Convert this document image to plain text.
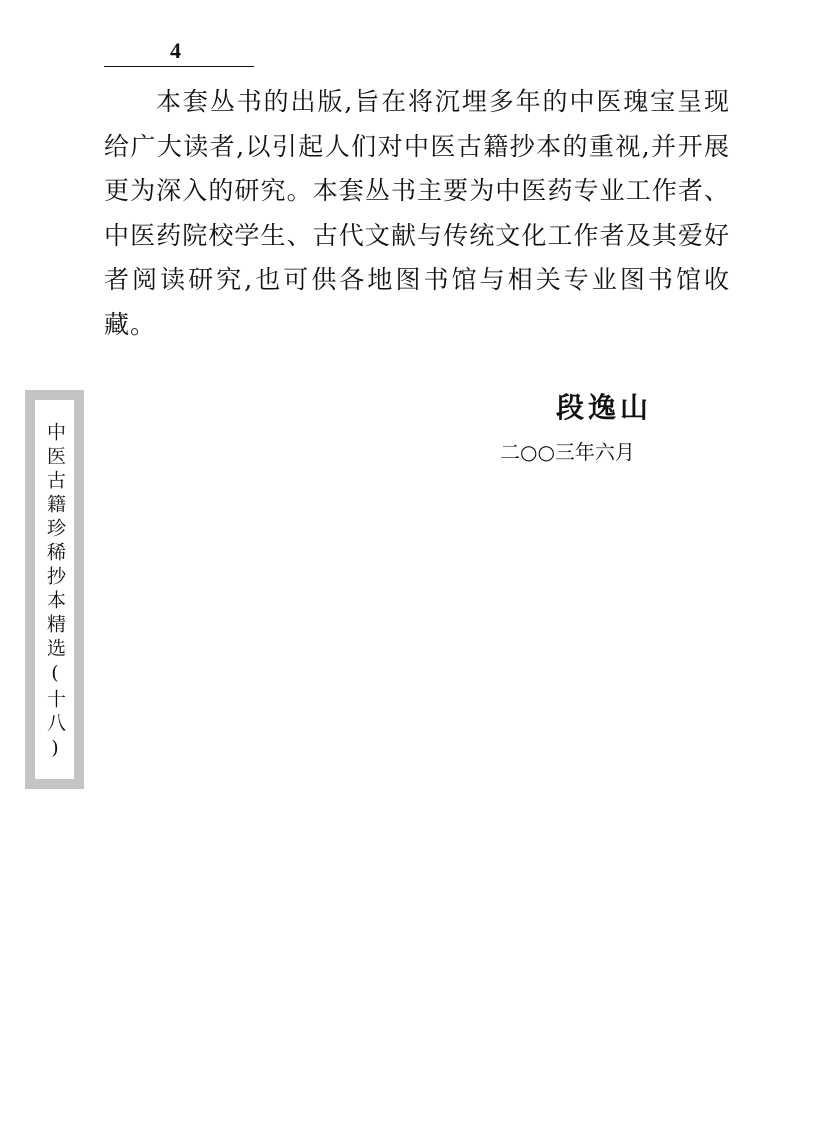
4

本套丛书的出版,旨在将沉埋多年的中医瑰宝呈现给广大读者,以引起人们对中医古籍抄本的重视,并开展更为深入的研究。本套丛书主要为中医药专业工作者、中医药院校学生、古代文献与传统文化工作者及其爱好者阅读研究,也可供各地图书馆与相关专业图书馆收藏。

段逸山
二○○三年六月
中医古籍珍稀抄本精选(十八)
